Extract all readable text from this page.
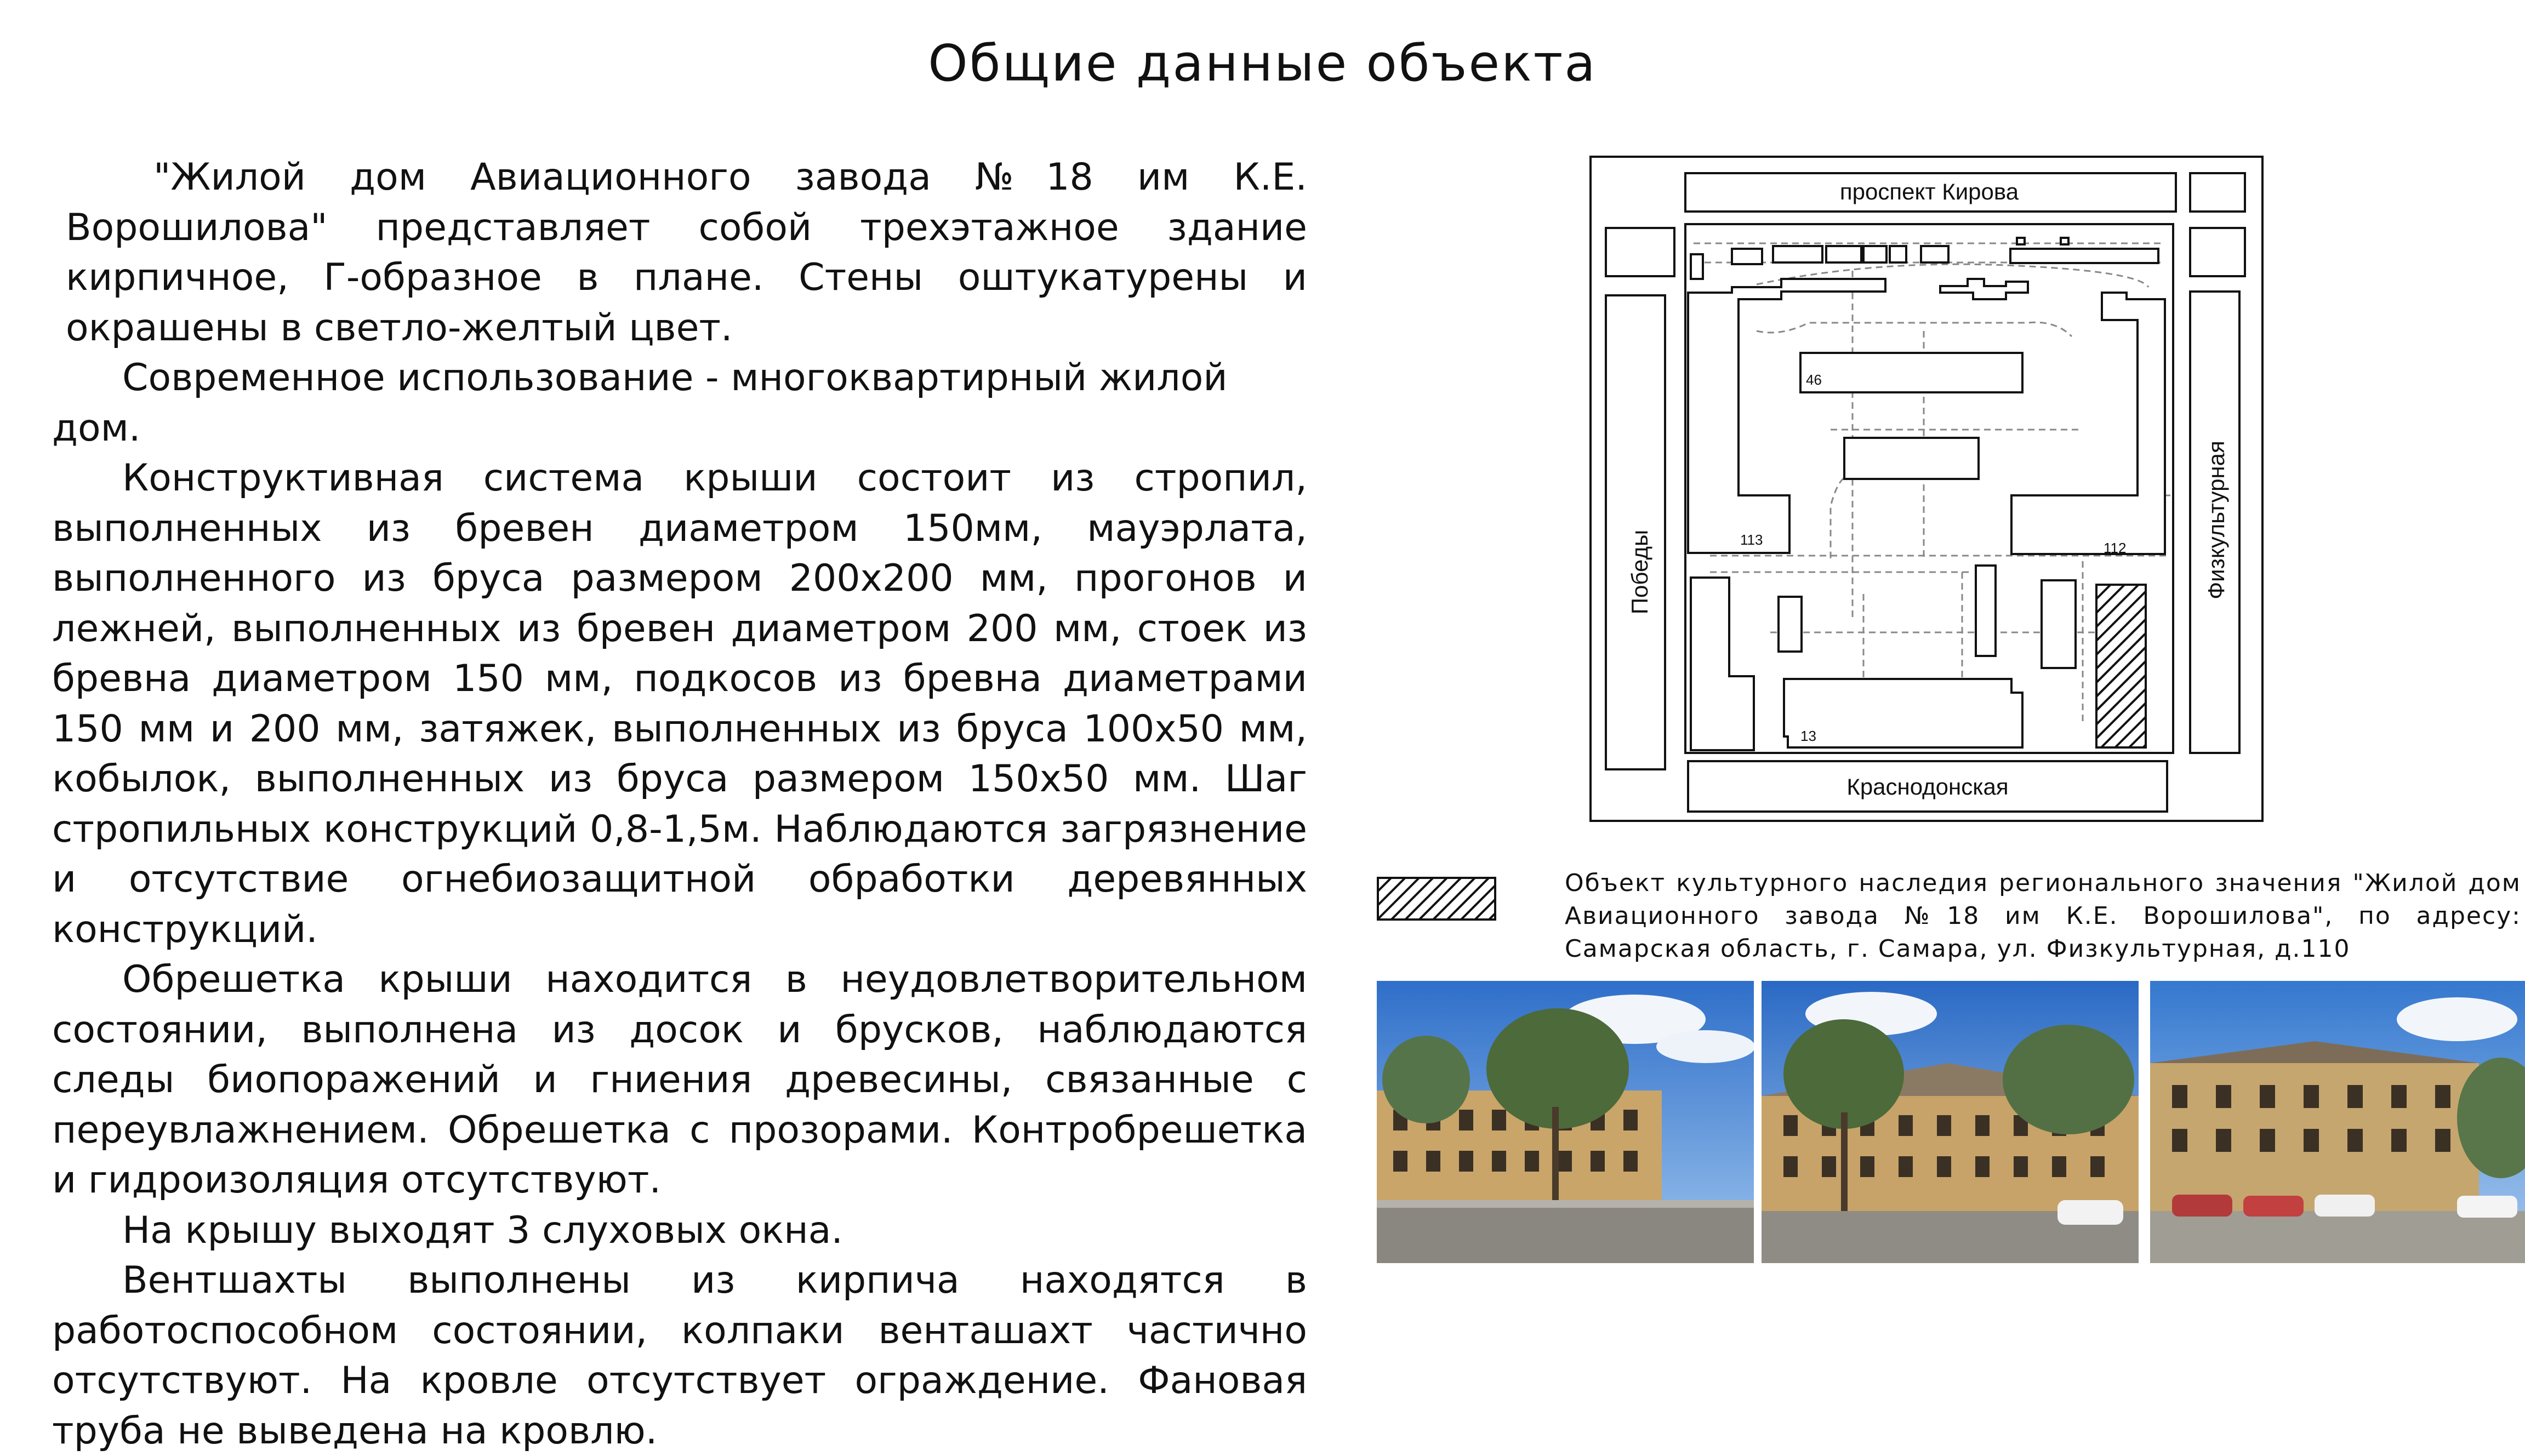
Общие данные объекта

"Жилой дом Авиационного завода №18 им К.Е. Ворошилова" представляет собой трехэтажное здание кирпичное, Г-образное в плане. Стены оштукатурены и окрашены в светло-желтый цвет.

Современное использование - многоквартирный жилой дом.

Конструктивная система крыши состоит из стропил, выполненных из бревен диаметром 150мм, мауэрлата, выполненного из бруса размером 200х200 мм, прогонов и лежней, выполненных из бревен диаметром 200 мм, стоек из бревна диаметром 150 мм, подкосов из бревна диаметрами 150 мм и 200 мм, затяжек, выполненных из бруса 100х50 мм, кобылок, выполненных из бруса размером 150х50 мм. Шаг стропильных конструкций 0,8-1,5м. Наблюдаются загрязнение и отсутствие огнебиозащитной обработки деревянных конструкций.

Обрешетка крыши находится в неудовлетворительном состоянии, выполнена из досок и брусков, наблюдаются следы биопоражений и гниения древесины, связанные с переувлажнением. Обрешетка с прозорами. Контробрешетка и гидроизоляция отсутствуют.

На крышу выходят 3 слуховых окна.

Вентшахты выполнены из кирпича находятся в работоспособном состоянии, колпаки венташахт частично отсутствуют. На кровле отсутствует ограждение. Фановая труба не выведена на кровлю.

проспект Кирова
Краснодонская
Победы	Физкультурная
46
113	112
13
Объект культурного наследия регионального значения "Жилой дом Авиационного завода №18 им К.Е. Ворошилова", по адресу: Самарская область, г. Самара, ул. Физкультурная, д.110
